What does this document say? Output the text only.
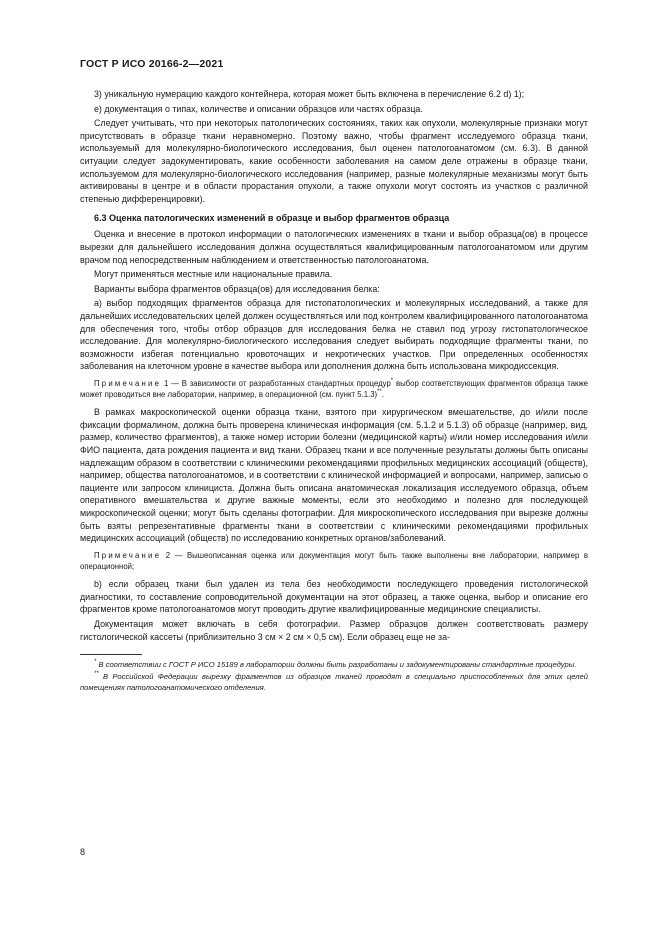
ГОСТ Р ИСО 20166-2—2021

3) уникальную нумерацию каждого контейнера, которая может быть включена в перечисление 6.2 d) 1);

e) документация о типах, количестве и описании образцов или частях образца.

Следует учитывать, что при некоторых патологических состояниях, таких как опухоли, молекулярные признаки могут присутствовать в образце ткани неравномерно. Поэтому важно, чтобы фрагмент исследуемого образца ткани, используемый для молекулярно-биологического исследования, был оценен патологоанатомом (см. 6.3). В данной ситуации следует задокументировать, какие особенности заболевания на самом деле отражены в образце ткани, используемом для молекулярно-биологического исследования (например, разные молекулярные механизмы могут быть активированы в центре и в области прорастания опухоли, а также опухоли могут состоять из участков с различной степенью дифференцировки).

6.3 Оценка патологических изменений в образце и выбор фрагментов образца

Оценка и внесение в протокол информации о патологических изменениях в ткани и выбор образца(ов) в процессе вырезки для дальнейшего исследования должна осуществляться квалифицированным патологоанатомом или другим врачом под непосредственным наблюдением и ответственностью патологоанатома.

Могут применяться местные или национальные правила.

Варианты выбора фрагментов образца(ов) для исследования белка:

a) выбор подходящих фрагментов образца для гистопатологических и молекулярных исследований, а также для дальнейших исследовательских целей должен осуществляться или под контролем квалифицированного патологоанатома для обеспечения того, чтобы отбор образцов для исследования белка не ставил под угрозу гистопатологическое исследование. Для молекулярно-биологического исследования следует выбирать подходящие фрагменты ткани, по возможности избегая потенциально кровоточащих и некротических участков. При определенных особенностях заболевания на клеточном уровне в качестве выбора или дополнения должна быть использована микродиссекция.

Примечание 1 — В зависимости от разработанных стандартных процедур* выбор соответствующих фрагментов образца также может проводиться вне лаборатории, например, в операционной (см. пункт 5.1.3)**.

В рамках макроскопической оценки образца ткани, взятого при хирургическом вмешательстве, до и/или после фиксации формалином, должна быть проверена клиническая информация (см. 5.1.2 и 5.1.3) об образце (например, вид, размер, количество фрагментов), а также номер истории болезни (медицинской карты) и/или номер исследования и/или ФИО пациента, дата рождения пациента и вид ткани. Образец ткани и все полученные результаты должны быть описаны надлежащим образом в соответствии с клиническими рекомендациями профильных медицинских ассоциаций (обществ), например, общества патологоанатомов, и в соответствии с клинической информацией и вопросами, например, записью о пациенте или запросом клинициста. Должна быть описана анатомическая локализация исследуемого образца, объем оперативного вмешательства и другие важные моменты, если это необходимо и полезно для последующей микроскопической оценки; могут быть сделаны фотографии. Для микроскопического исследования при вырезке должны быть взяты репрезентативные фрагменты ткани в соответствии с клиническими рекомендациями профильных медицинских ассоциаций (обществ) по исследованию конкретных органов/заболеваний.

Примечание 2 — Вышеописанная оценка или документация могут быть также выполнены вне лаборатории, например в операционной;

b) если образец ткани был удален из тела без необходимости последующего проведения гистологической диагностики, то составление сопроводительной документации на этот образец, а также оценка, выбор и описание его фрагментов кроме патологоанатомов могут проводить другие квалифицированные медицинские специалисты.

Документация может включать в себя фотографии. Размер образцов должен соответствовать размеру гистологической кассеты (приблизительно 3 см × 2 см × 0,5 см). Если образец еще не за-

* В соответствии с ГОСТ Р ИСО 15189 в лаборатории должны быть разработаны и задокументированы стандартные процедуры.

** В Российской Федерации вырезку фрагментов из образцов тканей проводят в специально приспособленных для этих целей помещениях патологоанатомического отделения.

8
